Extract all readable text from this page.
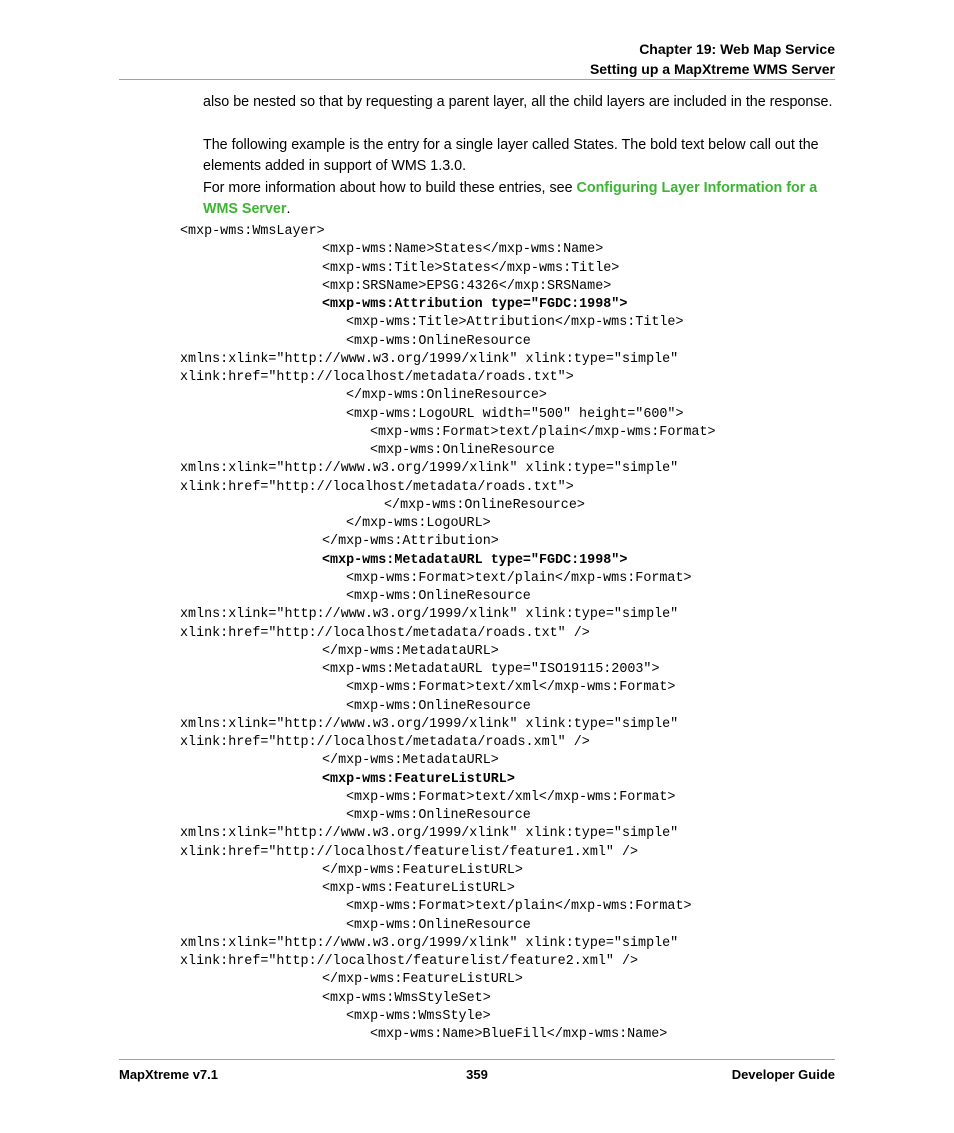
Chapter 19: Web Map Service
Setting up a MapXtreme WMS Server
also be nested so that by requesting a parent layer, all the child layers are included in the response.
The following example is the entry for a single layer called States. The bold text below call out the elements added in support of WMS 1.3.0.
For more information about how to build these entries, see Configuring Layer Information for a WMS Server.
<mxp-wms:WmsLayer>
<mxp-wms:Name>States</mxp-wms:Name>
<mxp-wms:Title>States</mxp-wms:Title>
<mxp:SRSName>EPSG:4326</mxp:SRSName>
<mxp-wms:Attribution type="FGDC:1998">
<mxp-wms:Title>Attribution</mxp-wms:Title>
<mxp-wms:OnlineResource
xmlns:xlink="http://www.w3.org/1999/xlink" xlink:type="simple"
xlink:href="http://localhost/metadata/roads.txt">
</mxp-wms:OnlineResource>
<mxp-wms:LogoURL width="500" height="600">
<mxp-wms:Format>text/plain</mxp-wms:Format>
<mxp-wms:OnlineResource
xmlns:xlink="http://www.w3.org/1999/xlink" xlink:type="simple"
xlink:href="http://localhost/metadata/roads.txt">
</mxp-wms:OnlineResource>
</mxp-wms:LogoURL>
</mxp-wms:Attribution>
<mxp-wms:MetadataURL type="FGDC:1998">
<mxp-wms:Format>text/plain</mxp-wms:Format>
<mxp-wms:OnlineResource
xmlns:xlink="http://www.w3.org/1999/xlink" xlink:type="simple"
xlink:href="http://localhost/metadata/roads.txt" />
</mxp-wms:MetadataURL>
<mxp-wms:MetadataURL type="ISO19115:2003">
<mxp-wms:Format>text/xml</mxp-wms:Format>
<mxp-wms:OnlineResource
xmlns:xlink="http://www.w3.org/1999/xlink" xlink:type="simple"
xlink:href="http://localhost/metadata/roads.xml" />
</mxp-wms:MetadataURL>
<mxp-wms:FeatureListURL>
<mxp-wms:Format>text/xml</mxp-wms:Format>
<mxp-wms:OnlineResource
xmlns:xlink="http://www.w3.org/1999/xlink" xlink:type="simple"
xlink:href="http://localhost/featurelist/feature1.xml" />
</mxp-wms:FeatureListURL>
<mxp-wms:FeatureListURL>
<mxp-wms:Format>text/plain</mxp-wms:Format>
<mxp-wms:OnlineResource
xmlns:xlink="http://www.w3.org/1999/xlink" xlink:type="simple"
xlink:href="http://localhost/featurelist/feature2.xml" />
</mxp-wms:FeatureListURL>
<mxp-wms:WmsStyleSet>
<mxp-wms:WmsStyle>
<mxp-wms:Name>BlueFill</mxp-wms:Name>
MapXtreme v7.1	359	Developer Guide
